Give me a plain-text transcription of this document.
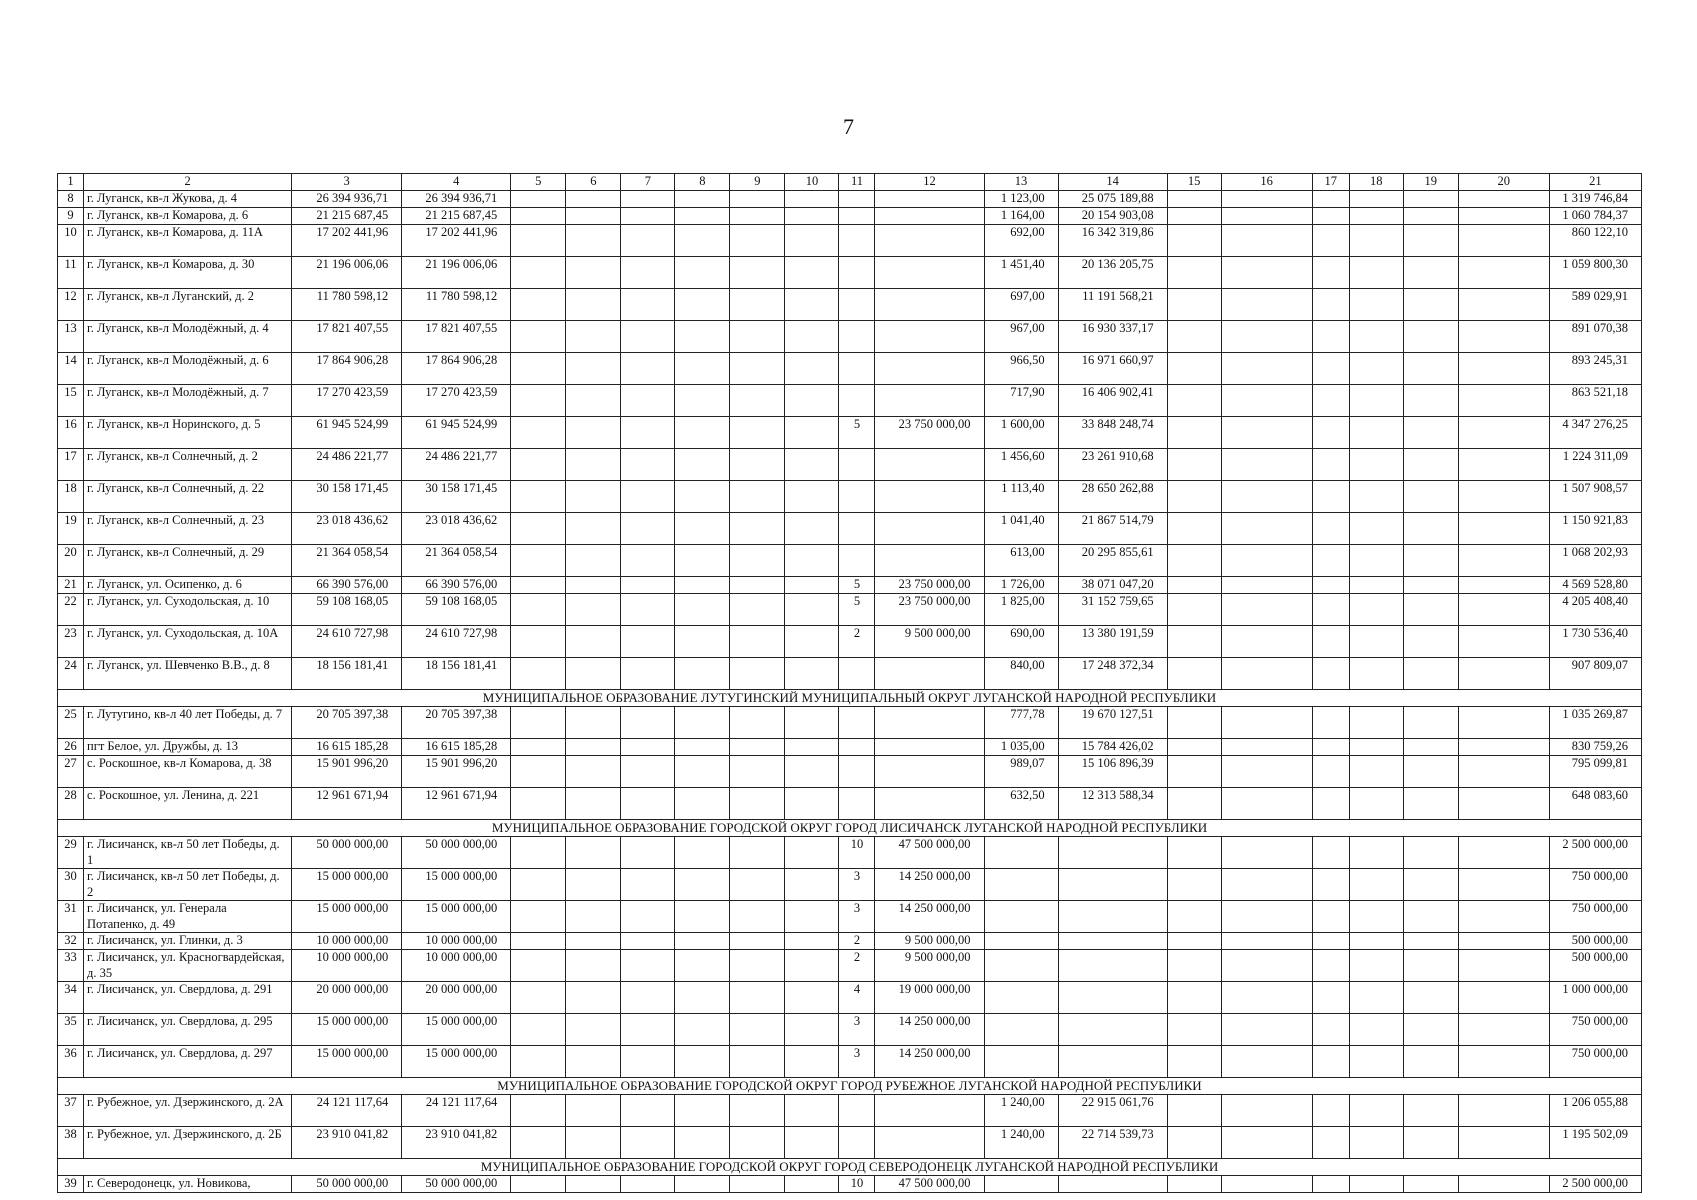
7
1	2	3	4	5	6	7	8	9	10	11	12	13	14	15	16	17	18	19	20	21
8	г. Луганск, кв-л Жукова, д. 4	26 394 936,71	26 394 936,71									1 123,00	25 075 189,88							1 319 746,84
9	г. Луганск, кв-л Комарова, д. 6	21 215 687,45	21 215 687,45									1 164,00	20 154 903,08							1 060 784,37
10	г. Луганск, кв-л Комарова, д. 11А	17 202 441,96	17 202 441,96									692,00	16 342 319,86							860 122,10
11	г. Луганск, кв-л Комарова, д. 30	21 196 006,06	21 196 006,06									1 451,40	20 136 205,75							1 059 800,30
12	г. Луганск, кв-л Луганский, д. 2	11 780 598,12	11 780 598,12									697,00	11 191 568,21							589 029,91
13	г. Луганск, кв-л Молодёжный, д. 4	17 821 407,55	17 821 407,55									967,00	16 930 337,17							891 070,38
14	г. Луганск, кв-л Молодёжный, д. 6	17 864 906,28	17 864 906,28									966,50	16 971 660,97							893 245,31
15	г. Луганск, кв-л Молодёжный, д. 7	17 270 423,59	17 270 423,59									717,90	16 406 902,41							863 521,18
16	г. Луганск, кв-л Норинского, д. 5	61 945 524,99	61 945 524,99							5	23 750 000,00	1 600,00	33 848 248,74							4 347 276,25
17	г. Луганск, кв-л Солнечный, д. 2	24 486 221,77	24 486 221,77									1 456,60	23 261 910,68							1 224 311,09
18	г. Луганск, кв-л Солнечный, д. 22	30 158 171,45	30 158 171,45									1 113,40	28 650 262,88							1 507 908,57
19	г. Луганск, кв-л Солнечный, д. 23	23 018 436,62	23 018 436,62									1 041,40	21 867 514,79							1 150 921,83
20	г. Луганск, кв-л Солнечный, д. 29	21 364 058,54	21 364 058,54									613,00	20 295 855,61							1 068 202,93
21	г. Луганск, ул. Осипенко, д. 6	66 390 576,00	66 390 576,00							5	23 750 000,00	1 726,00	38 071 047,20							4 569 528,80
22	г. Луганск, ул. Суходольская, д. 10	59 108 168,05	59 108 168,05							5	23 750 000,00	1 825,00	31 152 759,65							4 205 408,40
23	г. Луганск, ул. Суходольская, д. 10А	24 610 727,98	24 610 727,98							2	9 500 000,00	690,00	13 380 191,59							1 730 536,40
24	г. Луганск, ул. Шевченко В.В., д. 8	18 156 181,41	18 156 181,41									840,00	17 248 372,34							907 809,07
МУНИЦИПАЛЬНОЕ ОБРАЗОВАНИЕ ЛУТУГИНСКИЙ МУНИЦИПАЛЬНЫЙ ОКРУГ ЛУГАНСКОЙ НАРОДНОЙ РЕСПУБЛИКИ																				
25	г. Лутугино, кв-л 40 лет Победы, д. 7	20 705 397,38	20 705 397,38									777,78	19 670 127,51							1 035 269,87
26	пгт Белое, ул. Дружбы, д. 13	16 615 185,28	16 615 185,28									1 035,00	15 784 426,02							830 759,26
27	с. Роскошное, кв-л Комарова, д. 38	15 901 996,20	15 901 996,20									989,07	15 106 896,39							795 099,81
28	с. Роскошное, ул. Ленина, д. 221	12 961 671,94	12 961 671,94									632,50	12 313 588,34							648 083,60
МУНИЦИПАЛЬНОЕ ОБРАЗОВАНИЕ ГОРОДСКОЙ ОКРУГ ГОРОД ЛИСИЧАНСК ЛУГАНСКОЙ НАРОДНОЙ РЕСПУБЛИКИ																				
29	г. Лисичанск, кв-л 50 лет Победы, д. 1	50 000 000,00	50 000 000,00							10	47 500 000,00									2 500 000,00
30	г. Лисичанск, кв-л 50 лет Победы, д. 2	15 000 000,00	15 000 000,00							3	14 250 000,00									750 000,00
31	г. Лисичанск, ул. Генерала Потапенко, д. 49	15 000 000,00	15 000 000,00							3	14 250 000,00									750 000,00
32	г. Лисичанск, ул. Глинки, д. 3	10 000 000,00	10 000 000,00							2	9 500 000,00									500 000,00
33	г. Лисичанск, ул. Красногвардейская, д. 35	10 000 000,00	10 000 000,00							2	9 500 000,00									500 000,00
34	г. Лисичанск, ул. Свердлова, д. 291	20 000 000,00	20 000 000,00							4	19 000 000,00									1 000 000,00
35	г. Лисичанск, ул. Свердлова, д. 295	15 000 000,00	15 000 000,00							3	14 250 000,00									750 000,00
36	г. Лисичанск, ул. Свердлова, д. 297	15 000 000,00	15 000 000,00							3	14 250 000,00									750 000,00
МУНИЦИПАЛЬНОЕ ОБРАЗОВАНИЕ ГОРОДСКОЙ ОКРУГ ГОРОД РУБЕЖНОЕ ЛУГАНСКОЙ НАРОДНОЙ РЕСПУБЛИКИ																				
37	г. Рубежное, ул. Дзержинского, д. 2А	24 121 117,64	24 121 117,64									1 240,00	22 915 061,76							1 206 055,88
38	г. Рубежное, ул. Дзержинского, д. 2Б	23 910 041,82	23 910 041,82									1 240,00	22 714 539,73							1 195 502,09
МУНИЦИПАЛЬНОЕ ОБРАЗОВАНИЕ ГОРОДСКОЙ ОКРУГ ГОРОД СЕВЕРОДОНЕЦК ЛУГАНСКОЙ НАРОДНОЙ РЕСПУБЛИКИ																				
39	г. Северодонецк, ул. Новикова,	50 000 000,00	50 000 000,00							10	47 500 000,00									2 500 000,00
